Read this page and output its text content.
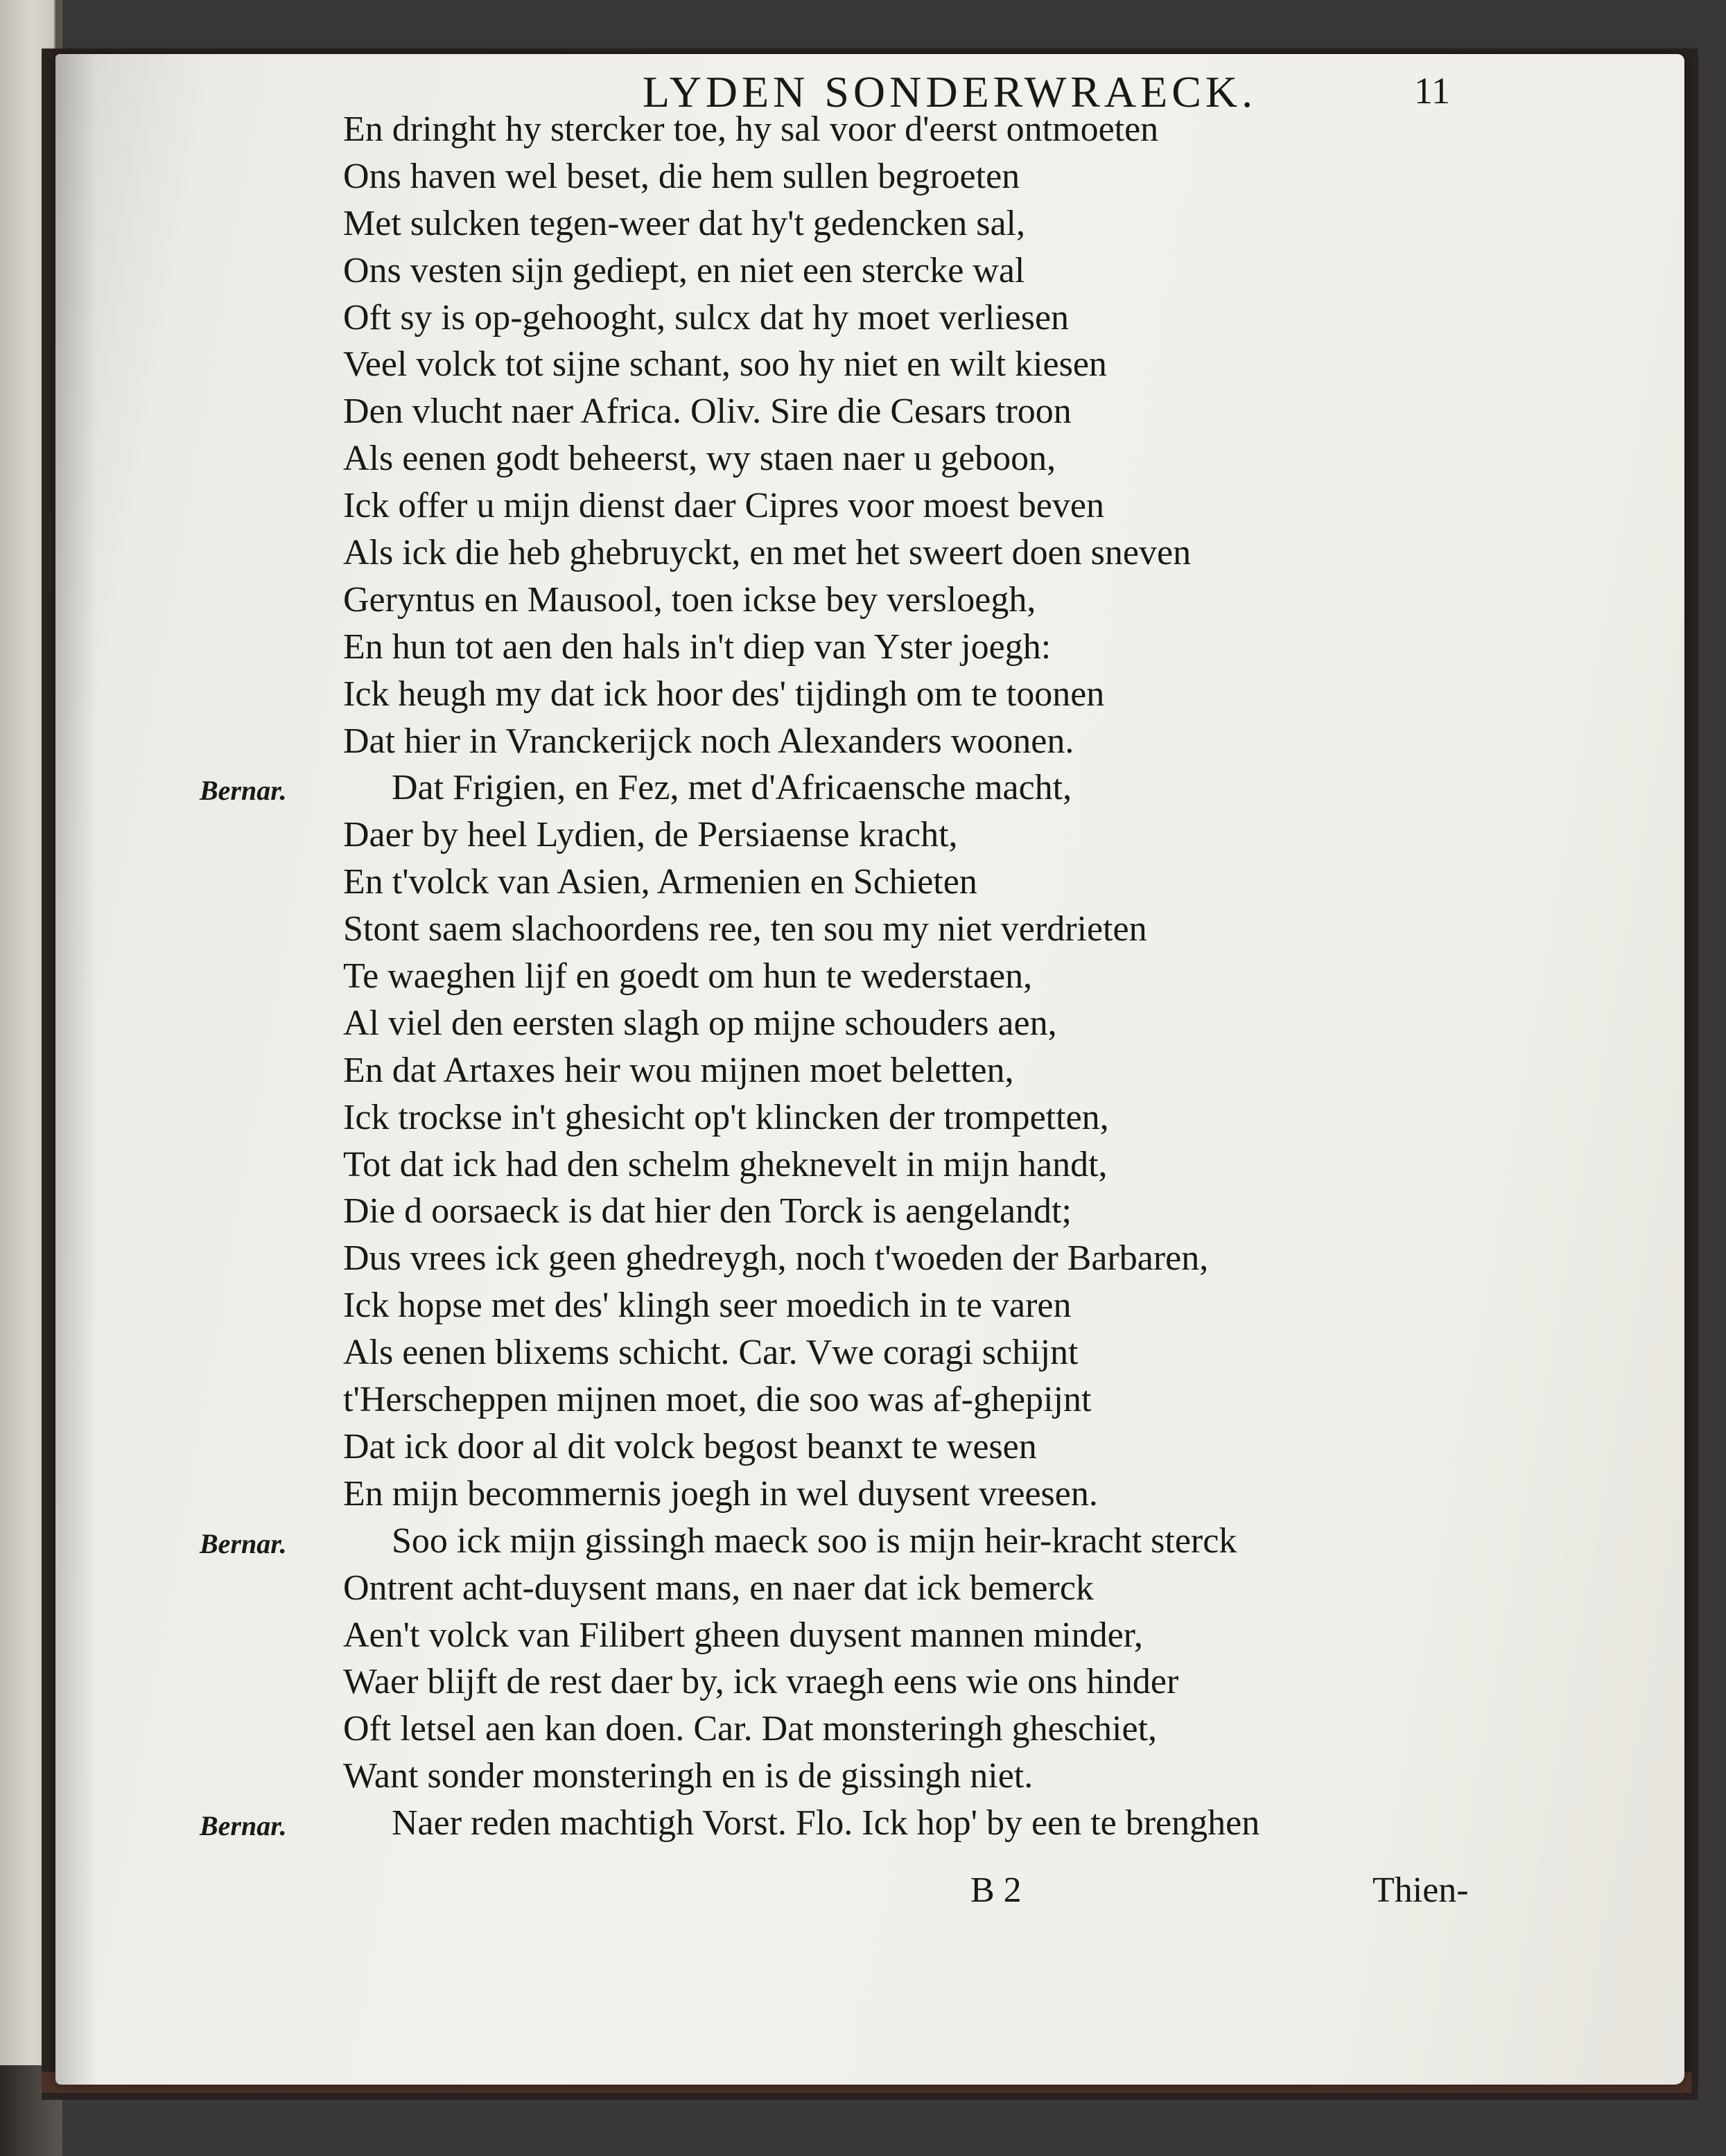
LYDEN SONDERWRAECK.	11
En dringht hy stercker toe, hy sal voor d'eerst ontmoeten
Ons haven wel beset, die hem sullen begroeten
Met sulcken tegen-weer dat hy't gedencken sal,
Ons vesten sijn gediept, en niet een stercke wal
Oft sy is op-gehooght, sulcx dat hy moet verliesen
Veel volck tot sijne schant, soo hy niet en wilt kiesen
Den vlucht naer Africa. Oliv. Sire die Cesars troon
Als eenen godt beheerst, wy staen naer u geboon,
Ick offer u mijn dienst daer Cipres voor moest beven
Als ick die heb ghebruyckt, en met het sweert doen sneven
Geryntus en Mausool, toen ickse bey versloegh,
En hun tot aen den hals in't diep van Yster joegh:
Ick heugh my dat ick hoor des' tijdingh om te toonen
Dat hier in Vranckerijck noch Alexanders woonen.
Bernar.	Dat Frigien, en Fez, met d'Africaensche macht,
Daer by heel Lydien, de Persiaense kracht,
En t'volck van Asien, Armenien en Schieten
Stont saem slachoordens ree, ten sou my niet verdrieten
Te waeghen lijf en goedt om hun te wederstaen,
Al viel den eersten slagh op mijne schouders aen,
En dat Artaxes heir wou mijnen moet beletten,
Ick trockse in't ghesicht op't klincken der trompetten,
Tot dat ick had den schelm gheknevelt in mijn handt,
Die d oorsaeck is dat hier den Torck is aengelandt;
Dus vrees ick geen ghedreygh, noch t'woeden der Barbaren,
Ick hopse met des' klingh seer moedich in te varen
Als eenen blixems schicht. Car. Vwe coragi schijnt
t'Herscheppen mijnen moet, die soo was af-ghepijnt
Dat ick door al dit volck begost beanxt te wesen
En mijn becommernis joegh in wel duysent vreesen.
Bernar.	Soo ick mijn gissingh maeck soo is mijn heir-kracht sterck
Ontrent acht-duysent mans, en naer dat ick bemerck
Aen't volck van Filibert gheen duysent mannen minder,
Waer blijft de rest daer by, ick vraegh eens wie ons hinder
Oft letsel aen kan doen. Car. Dat monsteringh gheschiet,
Want sonder monsteringh en is de gissingh niet.
Bernar.	Naer reden machtigh Vorst. Flo. Ick hop' by een te brenghen
B 2	Thien-
